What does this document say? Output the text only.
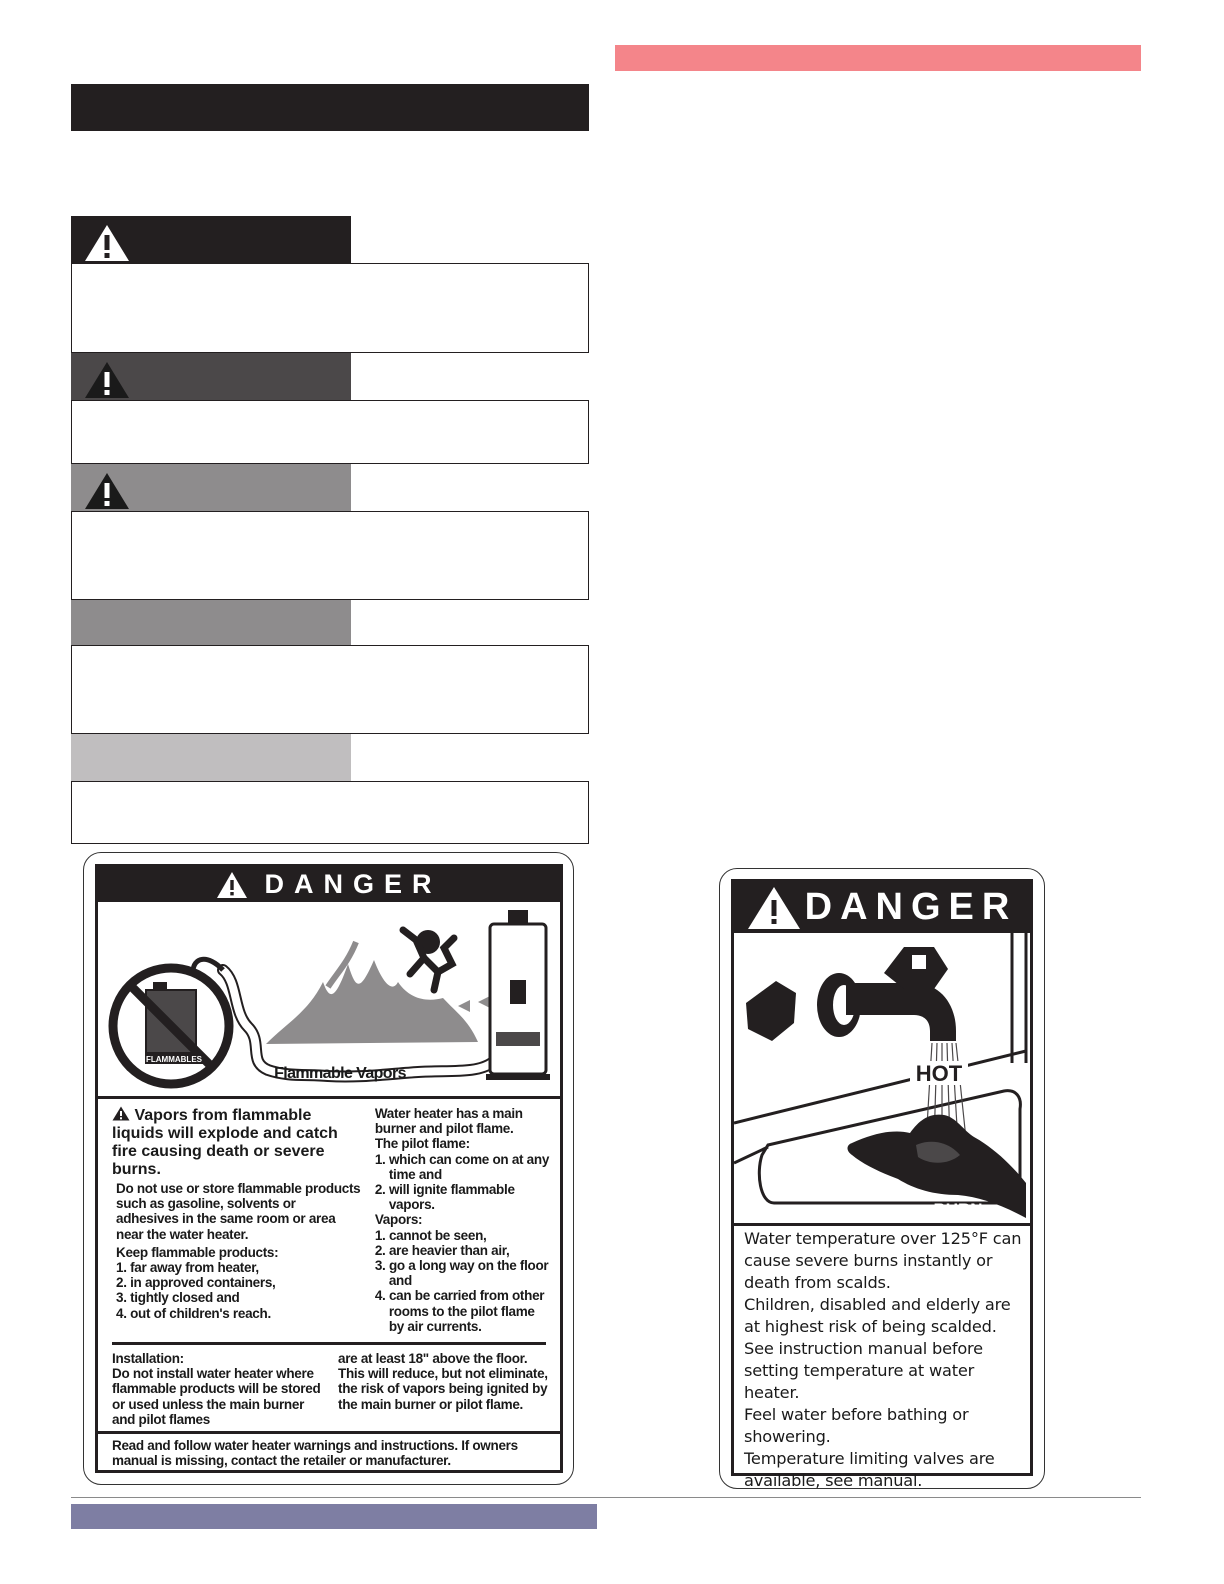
DANGER
FLAMMABLES
Flammable Vapors
Vapors from flammable liquids will explode and catch fire causing death or severe burns.
Do not use or store flammable products such as gasoline, solvents or adhesives in the same room or area near the water heater.
Keep flammable products:
1. far away from heater,
2. in approved containers,
3. tightly closed and
4. out of children's reach.
Water heater has a main burner and pilot flame.
The pilot flame:
1. which can come on at any time and
2. will ignite flammable vapors.
Vapors:
1. cannot be seen,
2. are heavier than air,
3. go a long way on the floor and
4. can be carried from other rooms to the pilot flame by air currents.
Installation:
Do not install water heater where flammable products will be stored or used unless the main burner and pilot flames
are at least 18" above the floor. This will reduce, but not eliminate, the risk of vapors being ignited by the main burner or pilot flame.
Read and follow water heater warnings and instructions. If owners manual is missing, contact the retailer or manufacturer.
DANGER
HOT
BURN
Water temperature over 125°F can cause severe burns instantly or death from scalds.
Children, disabled and elderly are at highest risk of being scalded.
See instruction manual before setting temperature at water heater.
Feel water before bathing or showering.
Temperature limiting valves are available, see manual.
